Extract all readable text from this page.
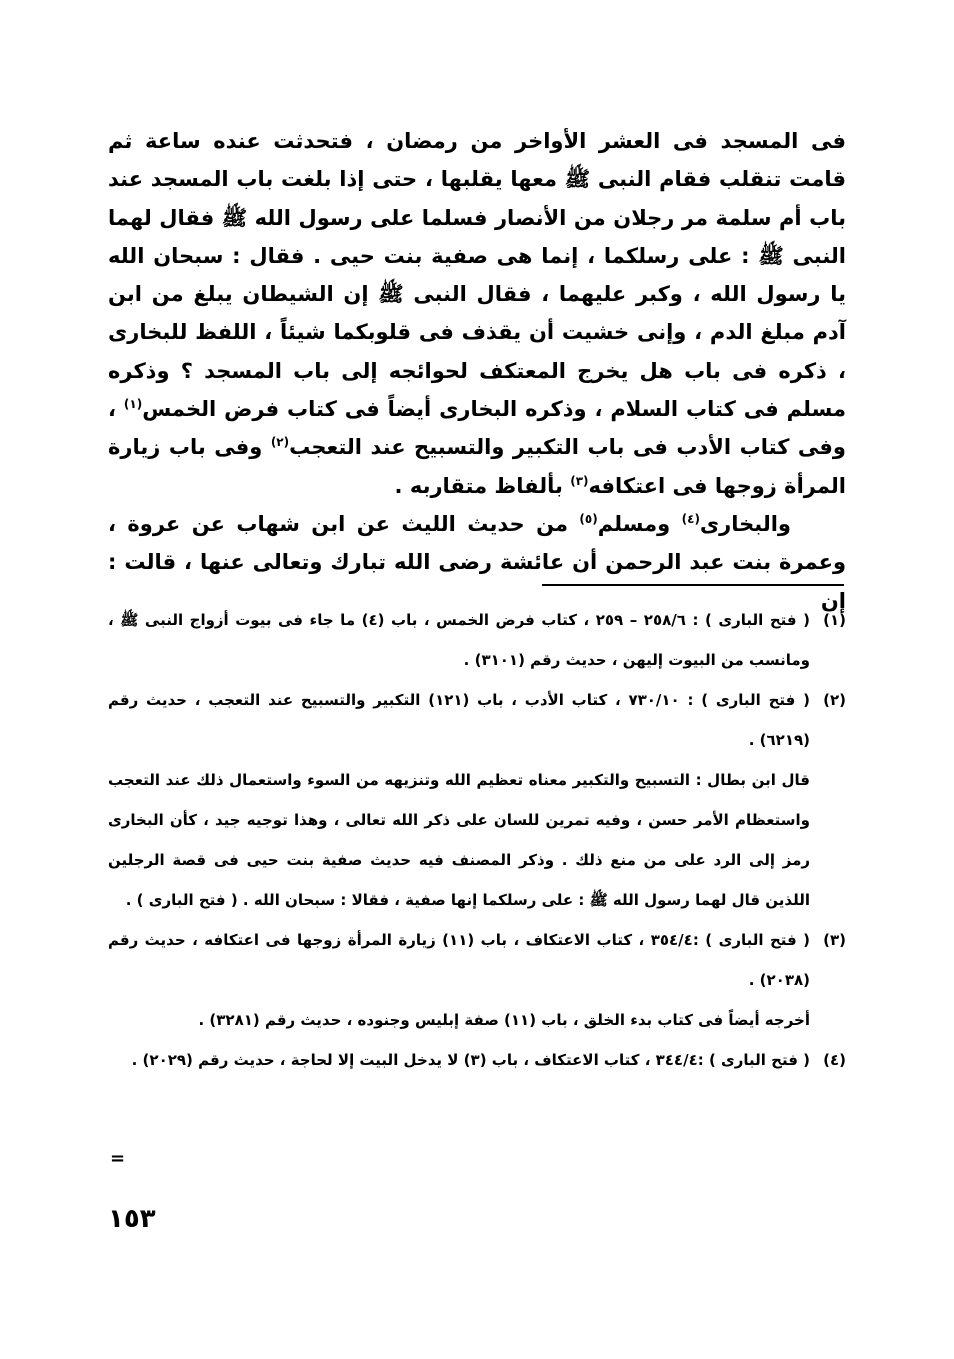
فى المسجد فى العشر الأواخر من رمضان ، فتحدثت عنده ساعة ثم قامت تنقلب فقام النبى ﷺ معها يقلبها ، حتى إذا بلغت باب المسجد عند باب أم سلمة مر رجلان من الأنصار فسلما على رسول الله ﷺ فقال لهما النبى ﷺ : على رسلكما ، إنما هى صفية بنت حيى . فقال : سبحان الله يا رسول الله ، وكبر عليهما ، فقال النبى ﷺ إن الشيطان يبلغ من ابن آدم مبلغ الدم ، وإنى خشيت أن يقذف فى قلوبكما شيئاً ، اللفظ للبخارى ، ذكره فى باب هل يخرج المعتكف لحوائجه إلى باب المسجد ؟ وذكره مسلم فى كتاب السلام ، وذكره البخارى أيضاً فى كتاب فرض الخمس$^{(١)}$ ، وفى كتاب الأدب فى باب التكبير والتسبيح عند التعجب$^{(٢)}$ وفى باب زيارة المرأة زوجها فى اعتكافه$^{(٣)}$ بألفاظ متقاربه .

والبخارى$^{(٤)}$ ومسلم$^{(٥)}$ من حديث الليث عن ابن شهاب عن عروة ، وعمرة بنت عبد الرحمن أن عائشة رضى الله تبارك وتعالى عنها ، قالت : إن

(١)
( فتح البارى ) : ٢٥٨/٦ – ٢٥٩ ، كتاب فرض الخمس ، باب (٤) ما جاء فى بيوت أزواج النبى ﷺ ، ومانسب من البيوت إليهن ، حديث رقم (٣١٠١) .
(٢)
( فتح البارى ) : ٧٣٠/١٠ ، كتاب الأدب ، باب (١٢١) التكبير والتسبيح عند التعجب ، حديث رقم (٦٢١٩) .

قال ابن بطال : التسبيح والتكبير معناه تعظيم الله وتنزيهه من السوء واستعمال ذلك عند التعجب واستعظام الأمر حسن ، وفيه تمرين للسان على ذكر الله تعالى ، وهذا توجيه جيد ، كأن البخارى رمز إلى الرد على من منع ذلك . وذكر المصنف فيه حديث صفية بنت حيى فى قصة الرجلين اللذين قال لهما رسول الله ﷺ : على رسلكما إنها صفية ، فقالا : سبحان الله . ( فتح البارى ) .

(٣)
( فتح البارى ) :٣٥٤/٤ ، كتاب الاعتكاف ، باب (١١) زيارة المرأة زوجها فى اعتكافه ، حديث رقم (٢٠٣٨) .

أخرجه أيضاً فى كتاب بدء الخلق ، باب (١١) صفة إبليس وجنوده ، حديث رقم (٣٢٨١) .

(٤)
( فتح البارى ) :٣٤٤/٤ ، كتاب الاعتكاف ، باب (٣) لا يدخل البيت إلا لحاجة ، حديث رقم (٢٠٢٩) .
=
١٥٣
